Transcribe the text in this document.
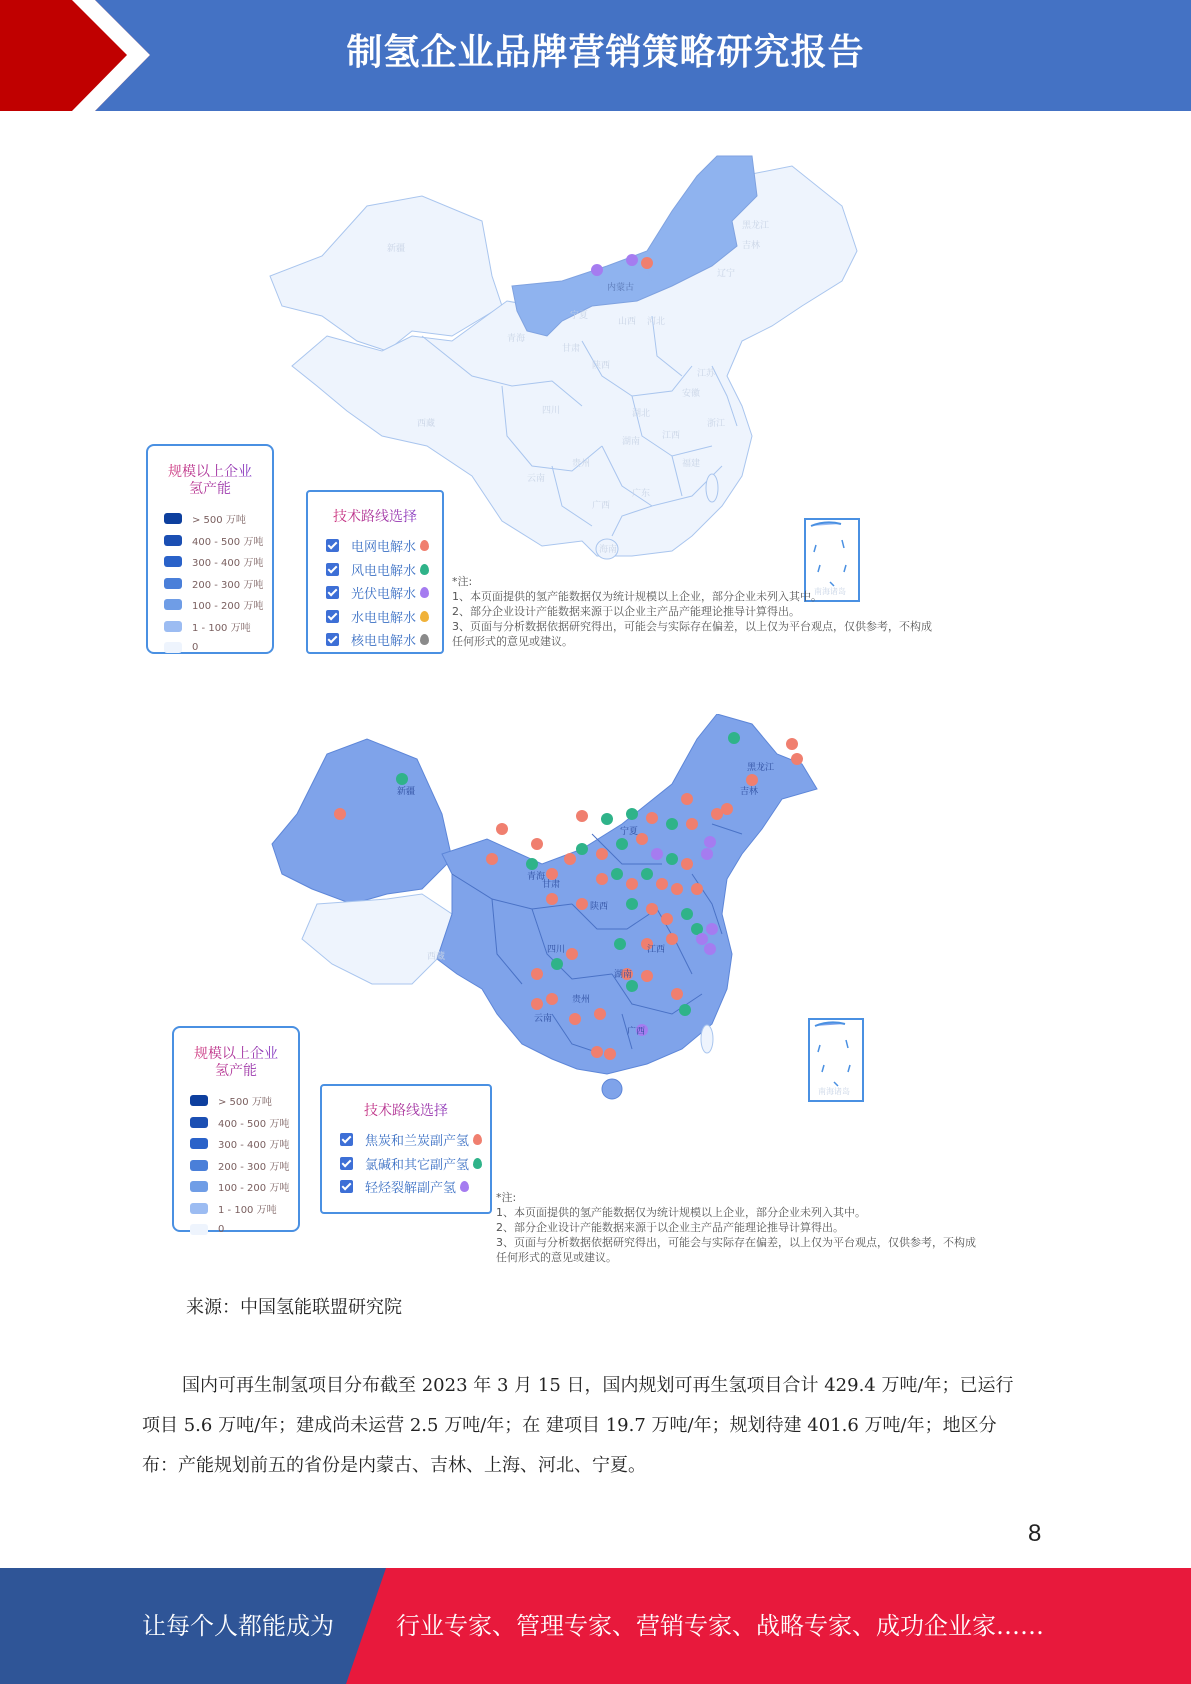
制氢企业品牌营销策略研究报告
新疆
西藏
青海
甘肃
内蒙古
宁夏
山西 河北
辽宁
吉林
黑龙江
四川
陕西
湖北
安徽
江苏
湖南
江西
浙江
贵州
云南
广西
广东
福建
海南
规模以上企业
氢产能
> 500 万吨
400 - 500 万吨
300 - 400 万吨
200 - 300 万吨
100 - 200 万吨
1 - 100 万吨
0
技术路线选择
电网电解水
风电电解水
光伏电解水
水电电解水
核电电解水
南海诸岛
*注:
1、本页面提供的氢产能数据仅为统计规模以上企业，部分企业未列入其中。
2、部分企业设计产能数据来源于以企业主产品产能理论推导计算得出。
3、页面与分析数据依据研究得出，可能会与实际存在偏差，以上仅为平台观点，仅供参考，不构成
任何形式的意见或建议。
新疆
西藏
青海
甘肃
宁夏
陕西
黑龙江
吉林
四川
贵州
云南
广西
湖南
江西
规模以上企业
氢产能
> 500 万吨
400 - 500 万吨
300 - 400 万吨
200 - 300 万吨
100 - 200 万吨
1 - 100 万吨
0
技术路线选择
焦炭和兰炭副产氢
氯碱和其它副产氢
轻烃裂解副产氢
南海诸岛
*注:
1、本页面提供的氢产能数据仅为统计规模以上企业，部分企业未列入其中。
2、部分企业设计产能数据来源于以企业主产品产能理论推导计算得出。
3、页面与分析数据依据研究得出，可能会与实际存在偏差，以上仅为平台观点，仅供参考，不构成
任何形式的意见或建议。
来源：中国氢能联盟研究院
国内可再生制氢项目分布截至 2023 年 3 月 15 日，国内规划可再生氢项目合计 429.4 万吨/年；已运行项目 5.6 万吨/年；建成尚未运营 2.5 万吨/年；在 建项目 19.7 万吨/年；规划待建 401.6 万吨/年；地区分布：产能规划前五的省份是内蒙古、吉林、上海、河北、宁夏。
8
让每个人都能成为	行业专家、管理专家、营销专家、战略专家、成功企业家……
